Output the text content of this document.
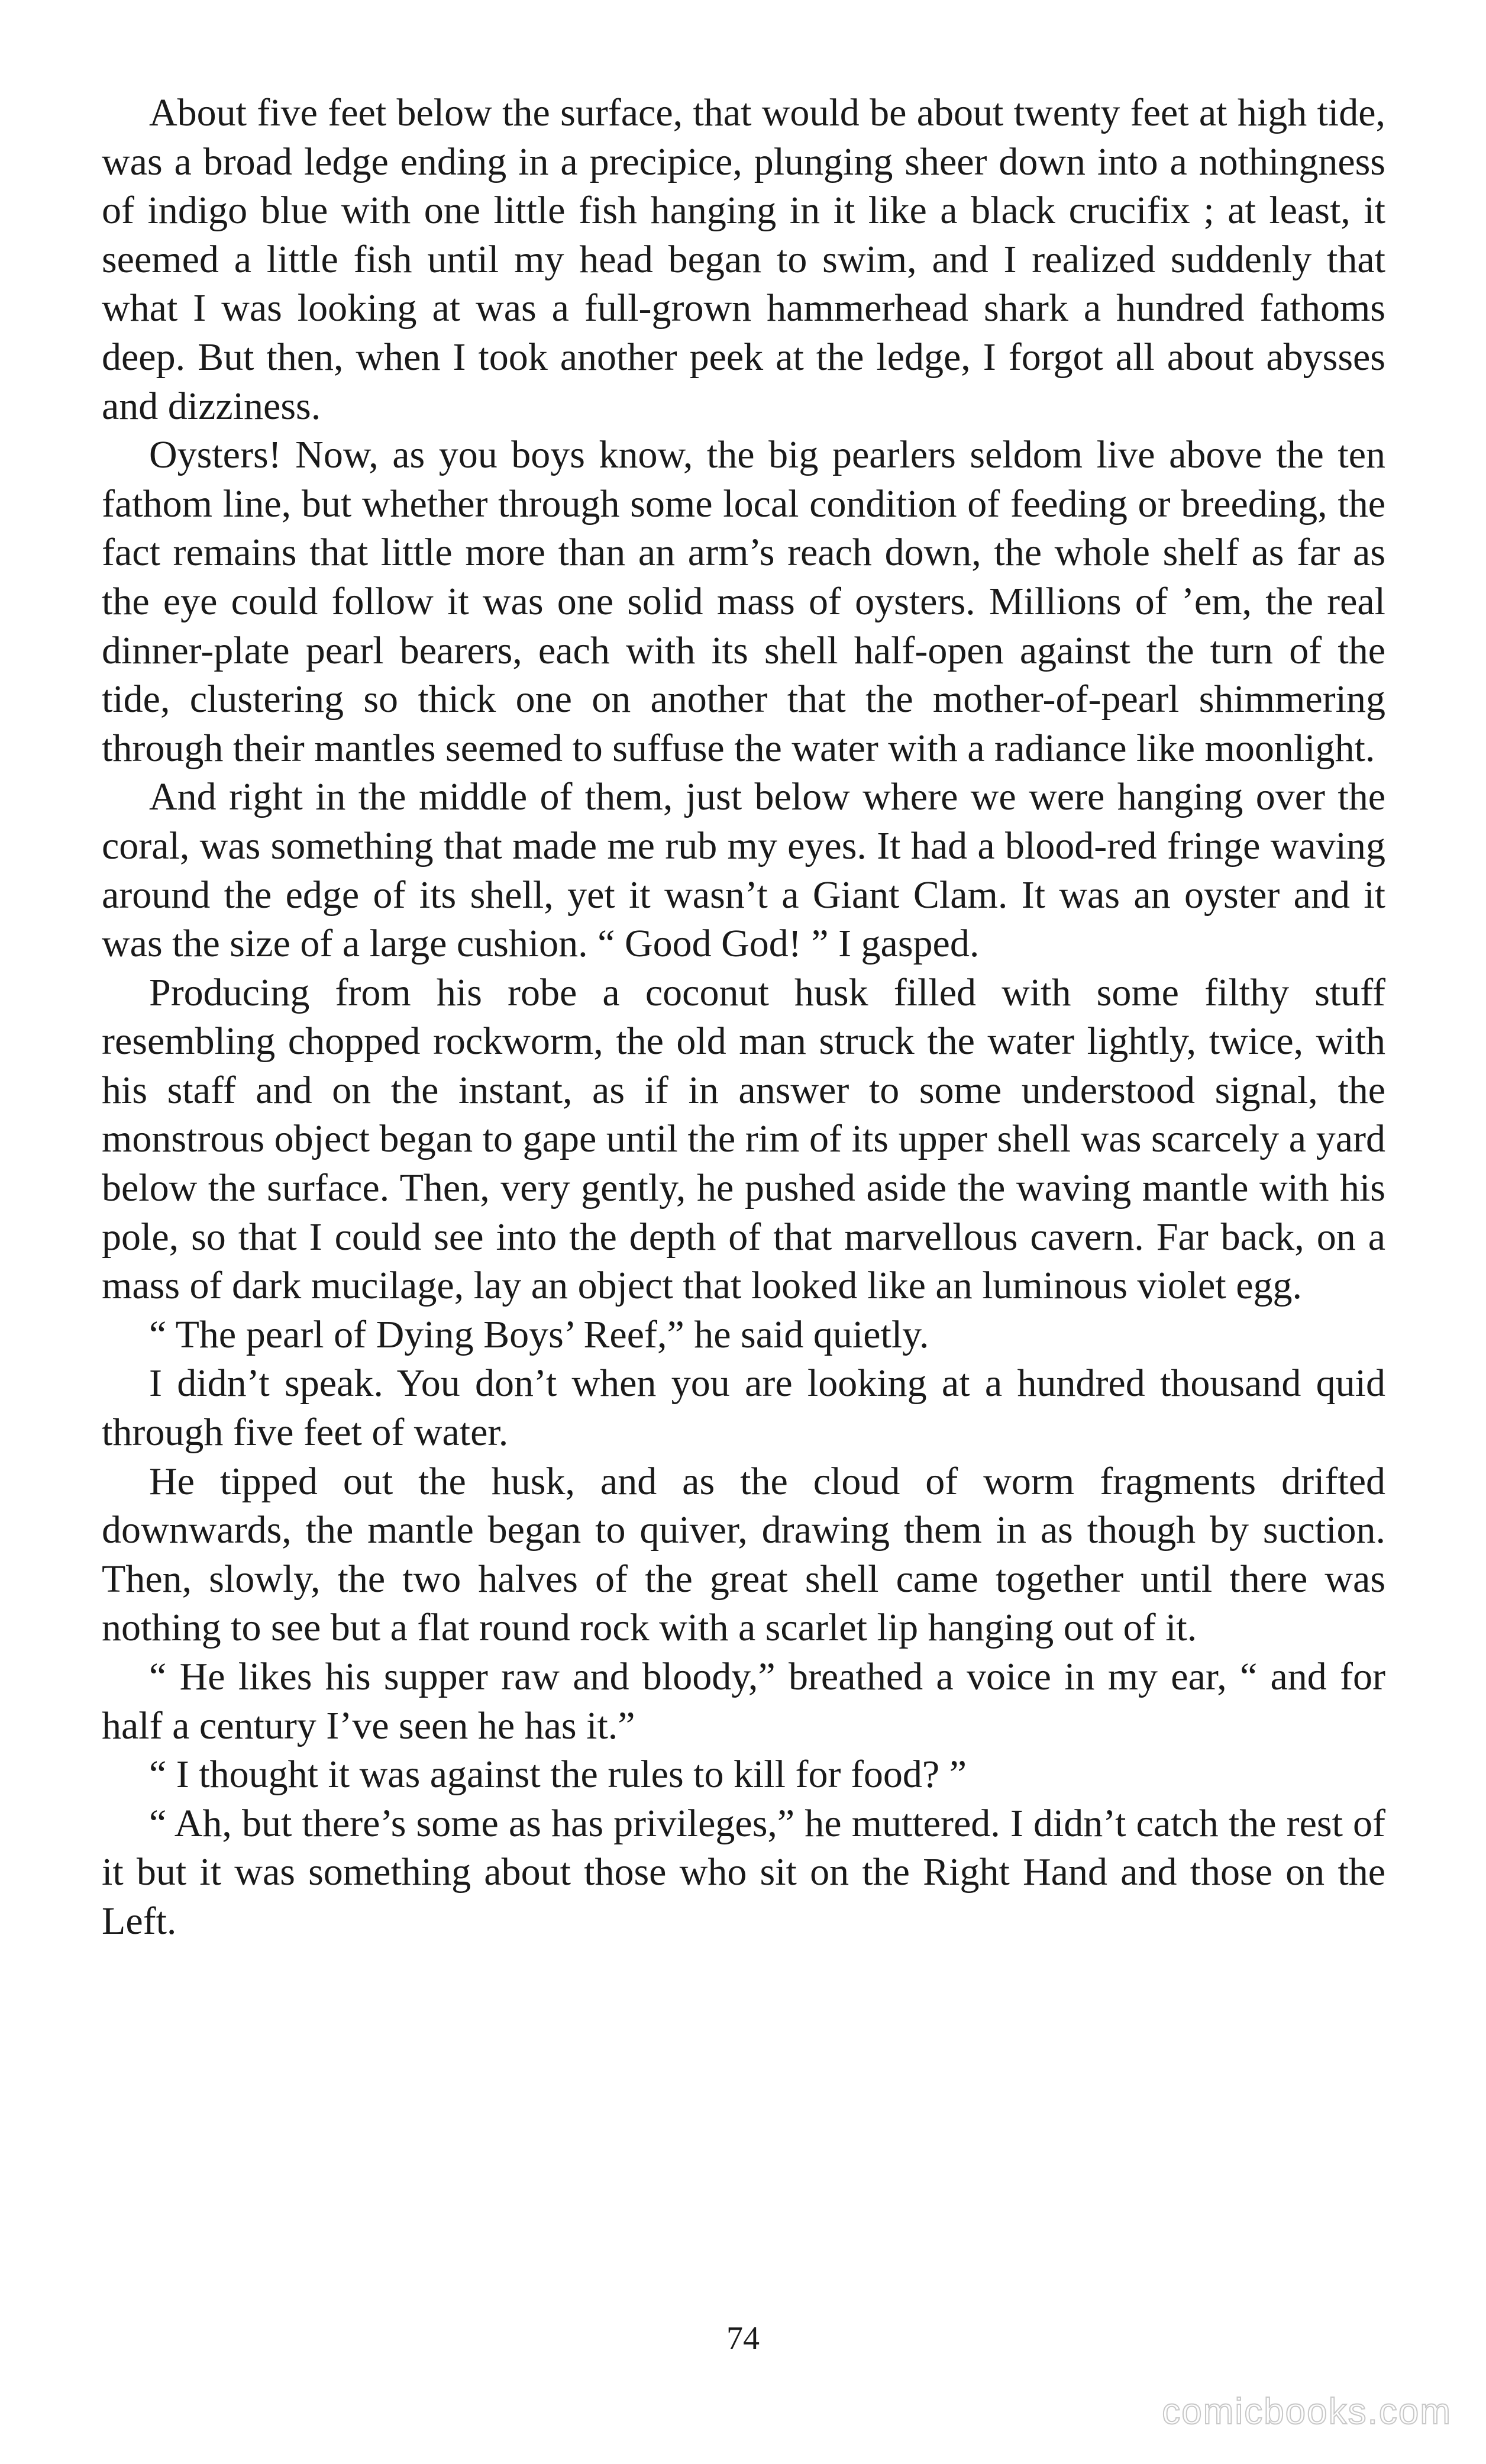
About five feet below the surface, that would be about twenty feet at high tide, was a broad ledge ending in a precipice, plunging sheer down into a nothingness of indigo blue with one little fish hanging in it like a black crucifix ; at least, it seemed a little fish until my head began to swim, and I realized suddenly that what I was looking at was a full-grown hammerhead shark a hundred fathoms deep. But then, when I took another peek at the ledge, I forgot all about abysses and dizziness.

Oysters! Now, as you boys know, the big pearlers seldom live above the ten fathom line, but whether through some local condition of feeding or breeding, the fact remains that little more than an arm’s reach down, the whole shelf as far as the eye could follow it was one solid mass of oysters. Millions of ’em, the real dinner-plate pearl bearers, each with its shell half-open against the turn of the tide, clustering so thick one on another that the mother-of-pearl shimmering through their mantles seemed to suffuse the water with a radiance like moonlight.

And right in the middle of them, just below where we were hanging over the coral, was something that made me rub my eyes. It had a blood-red fringe waving around the edge of its shell, yet it wasn’t a Giant Clam. It was an oyster and it was the size of a large cushion. “ Good God! ” I gasped.

Producing from his robe a coconut husk filled with some filthy stuff resembling chopped rockworm, the old man struck the water lightly, twice, with his staff and on the instant, as if in answer to some understood signal, the monstrous object began to gape until the rim of its upper shell was scarcely a yard below the surface. Then, very gently, he pushed aside the waving mantle with his pole, so that I could see into the depth of that marvellous cavern. Far back, on a mass of dark mucilage, lay an object that looked like an luminous violet egg.

“ The pearl of Dying Boys’ Reef,” he said quietly.

I didn’t speak. You don’t when you are looking at a hundred thousand quid through five feet of water.

He tipped out the husk, and as the cloud of worm fragments drifted downwards, the mantle began to quiver, drawing them in as though by suction. Then, slowly, the two halves of the great shell came together until there was nothing to see but a flat round rock with a scarlet lip hanging out of it.

“ He likes his supper raw and bloody,” breathed a voice in my ear, “ and for half a century I’ve seen he has it.”

“ I thought it was against the rules to kill for food? ”

“ Ah, but there’s some as has privileges,” he muttered. I didn’t catch the rest of it but it was something about those who sit on the Right Hand and those on the Left.

74
comicbooks.com
